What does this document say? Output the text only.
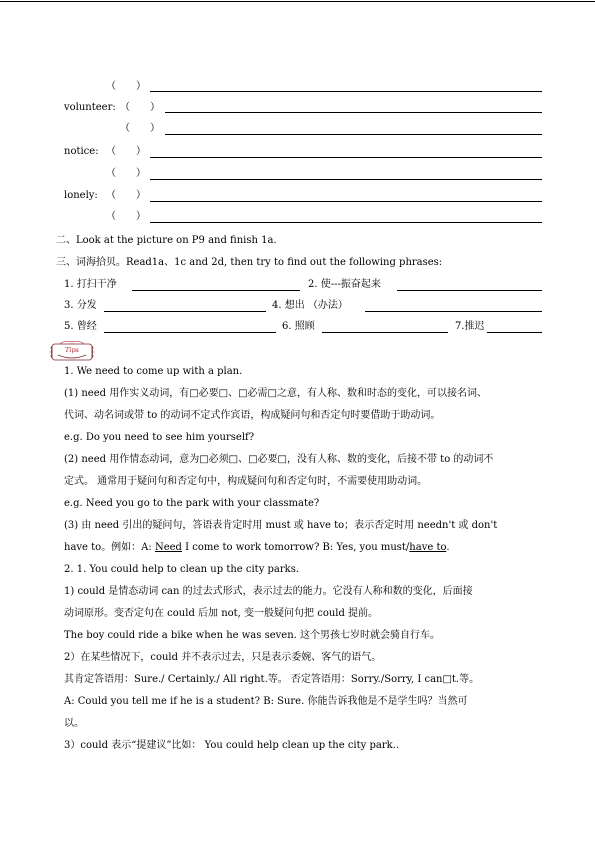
（　　）
volunteer: （　　）
（　　）
notice: （　　）
（　　）
lonely: （　　）
（　　）
二、Look at the picture on P9 and finish 1a.
三、词海拾贝。Read1a、1c and 2d, then try to find out the following phrases:
1. 打扫干净	2. 使---振奋起来
3. 分发	4. 想出 （办法）
5. 曾经	6. 照顾	7.推迟
Tips
1. We need to come up with a plan.
(1) need 用作实义动词，有□必要□、□必需□之意，有人称、数和时态的变化，可以接名词、
代词、动名词或带 to 的动词不定式作宾语，构成疑问句和否定句时要借助于助动词。
e.g. Do you need to see him yourself?
(2) need 用作情态动词，意为□必须□、□必要□，没有人称、数的变化，后接不带 to 的动词不
定式。 通常用于疑问句和否定句中，构成疑问句和否定句时，不需要使用助动词。
e.g. Need you go to the park with your classmate?
(3) 由 need 引出的疑问句，答语表肯定时用 must 或 have to；表示否定时用 needn't 或 don't
have to。例如：A: Need I come to work tomorrow? B: Yes, you must/have to.
2. 1. You could help to clean up the city parks.
1) could 是情态动词 can 的过去式形式，表示过去的能力。它没有人称和数的变化，后面接
动词原形。变否定句在 could 后加 not, 变一般疑问句把 could 提前。
The boy could ride a bike when he was seven. 这个男孩七岁时就会骑自行车。
2）在某些情况下，could 并不表示过去，只是表示委婉、客气的语气。
其肯定答语用：Sure./ Certainly./ All right.等。 否定答语用：Sorry./Sorry, I can□t.等。
A: Could you tell me if he is a student? B: Sure. 你能告诉我他是不是学生吗？当然可
以。
3）could 表示“提建议”比如： You could help clean up the city park..
